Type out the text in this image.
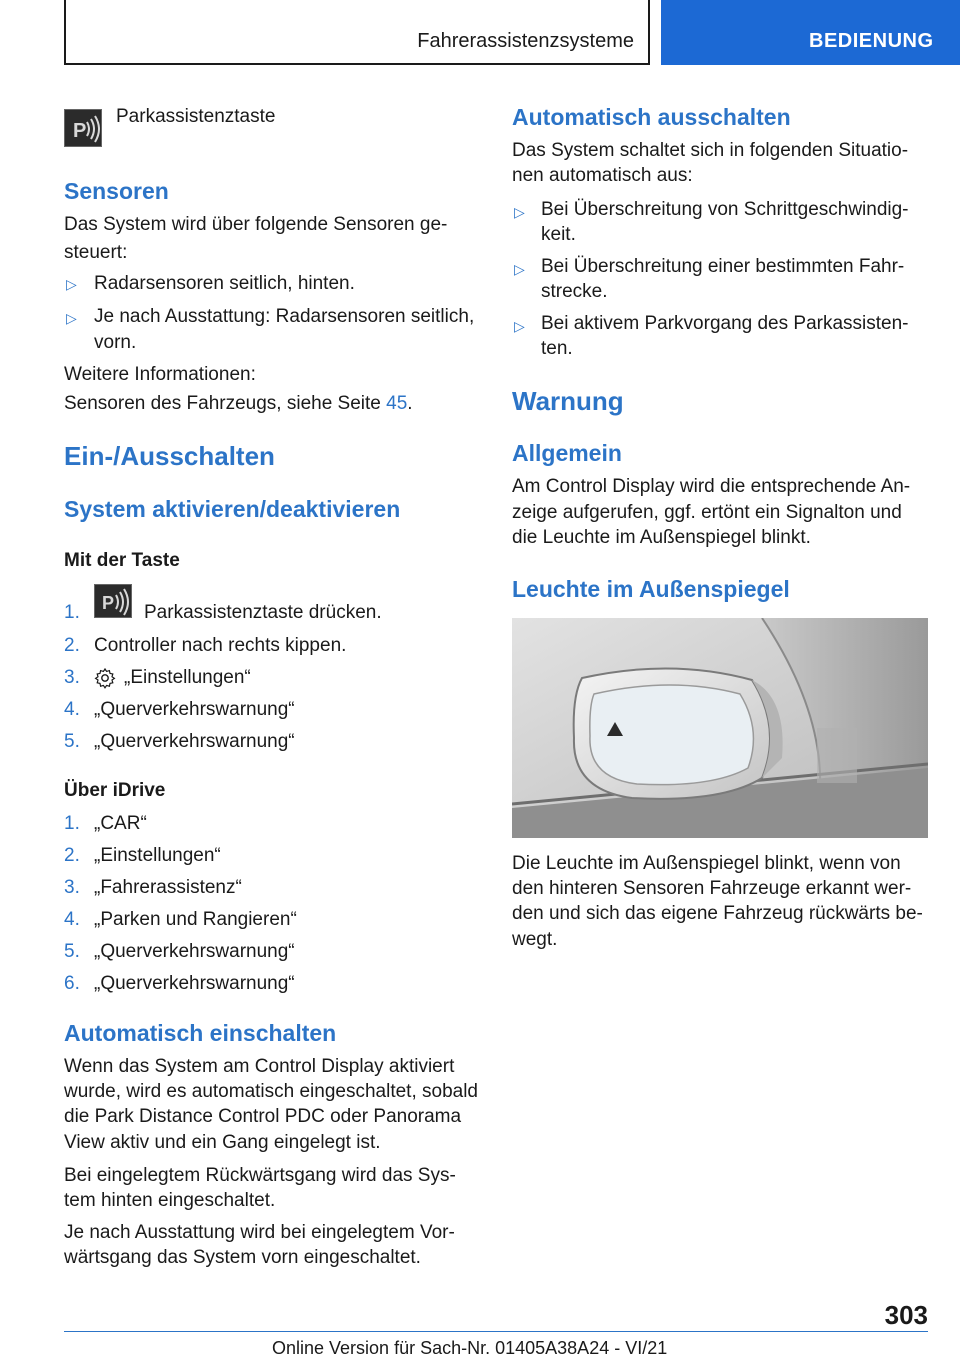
Fahrerassistenzsysteme	BEDIENUNG
P
Parkassistenztaste
Sensoren
Das System wird über folgende Sensoren ge-
steuert:
▷ Radarsensoren seitlich, hinten.
▷ Je nach Ausstattung: Radarsensoren seitlich,
vorn.
Weitere Informationen:
Sensoren des Fahrzeugs, siehe Seite 45.
Ein-/Ausschalten
System aktivieren/deaktivieren
Mit der Taste
1. P Parkassistenztaste drücken.
2. Controller nach rechts kippen.
3. „Einstellungen“
4. „Querverkehrswarnung“
5. „Querverkehrswarnung“
Über iDrive
1. „CAR“
2. „Einstellungen“
3. „Fahrerassistenz“
4. „Parken und Rangieren“
5. „Querverkehrswarnung“
6. „Querverkehrswarnung“
Automatisch einschalten
Wenn das System am Control Display aktiviert
wurde, wird es automatisch eingeschaltet, sobald
die Park Distance Control PDC oder Panorama
View aktiv und ein Gang eingelegt ist.
Bei eingelegtem Rückwärtsgang wird das Sys-
tem hinten eingeschaltet.
Je nach Ausstattung wird bei eingelegtem Vor-
wärtsgang das System vorn eingeschaltet.
Automatisch ausschalten
Das System schaltet sich in folgenden Situatio-
nen automatisch aus:
▷ Bei Überschreitung von Schrittgeschwindig-
keit.
▷ Bei Überschreitung einer bestimmten Fahr-
strecke.
▷ Bei aktivem Parkvorgang des Parkassisten-
ten.
Warnung
Allgemein
Am Control Display wird die entsprechende An-
zeige aufgerufen, ggf. ertönt ein Signalton und
die Leuchte im Außenspiegel blinkt.
Leuchte im Außenspiegel
Die Leuchte im Außenspiegel blinkt, wenn von
den hinteren Sensoren Fahrzeuge erkannt wer-
den und sich das eigene Fahrzeug rückwärts be-
wegt.
303
Online Version für Sach-Nr. 01405A38A24 - VI/21
